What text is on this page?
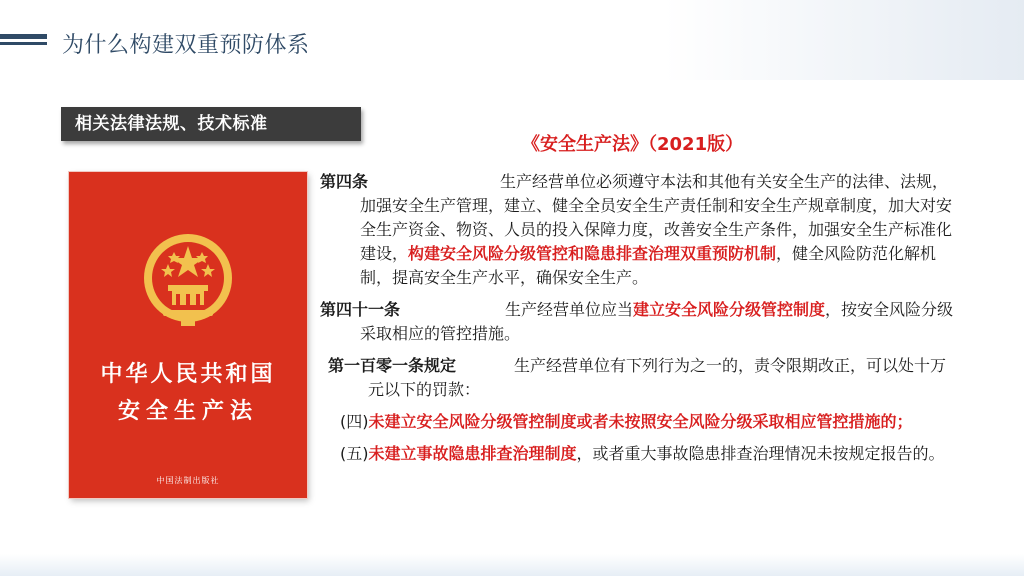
为什么构建双重预防体系
相关法律法规、技术标准
中华人民共和国
安全生产法
中国法制出版社
《安全生产法》（2021版）

第四条	生产经营单位必须遵守本法和其他有关安全生产的法律、法规，加强安全生产管理，建立、健全全员安全生产责任制和安全生产规章制度，加大对安全生产资金、物资、人员的投入保障力度，改善安全生产条件，加强安全生产标准化建设，构建安全风险分级管控和隐患排查治理双重预防机制，健全风险防范化解机制，提高安全生产水平，确保安全生产。

第四十一条	生产经营单位应当建立安全风险分级管控制度，按安全风险分级采取相应的管控措施。

第一百零一条规定	生产经营单位有下列行为之一的，责令限期改正，可以处十万元以下的罚款：

(四)未建立安全风险分级管控制度或者未按照安全风险分级采取相应管控措施的；

(五)未建立事故隐患排查治理制度，或者重大事故隐患排查治理情况未按规定报告的。
